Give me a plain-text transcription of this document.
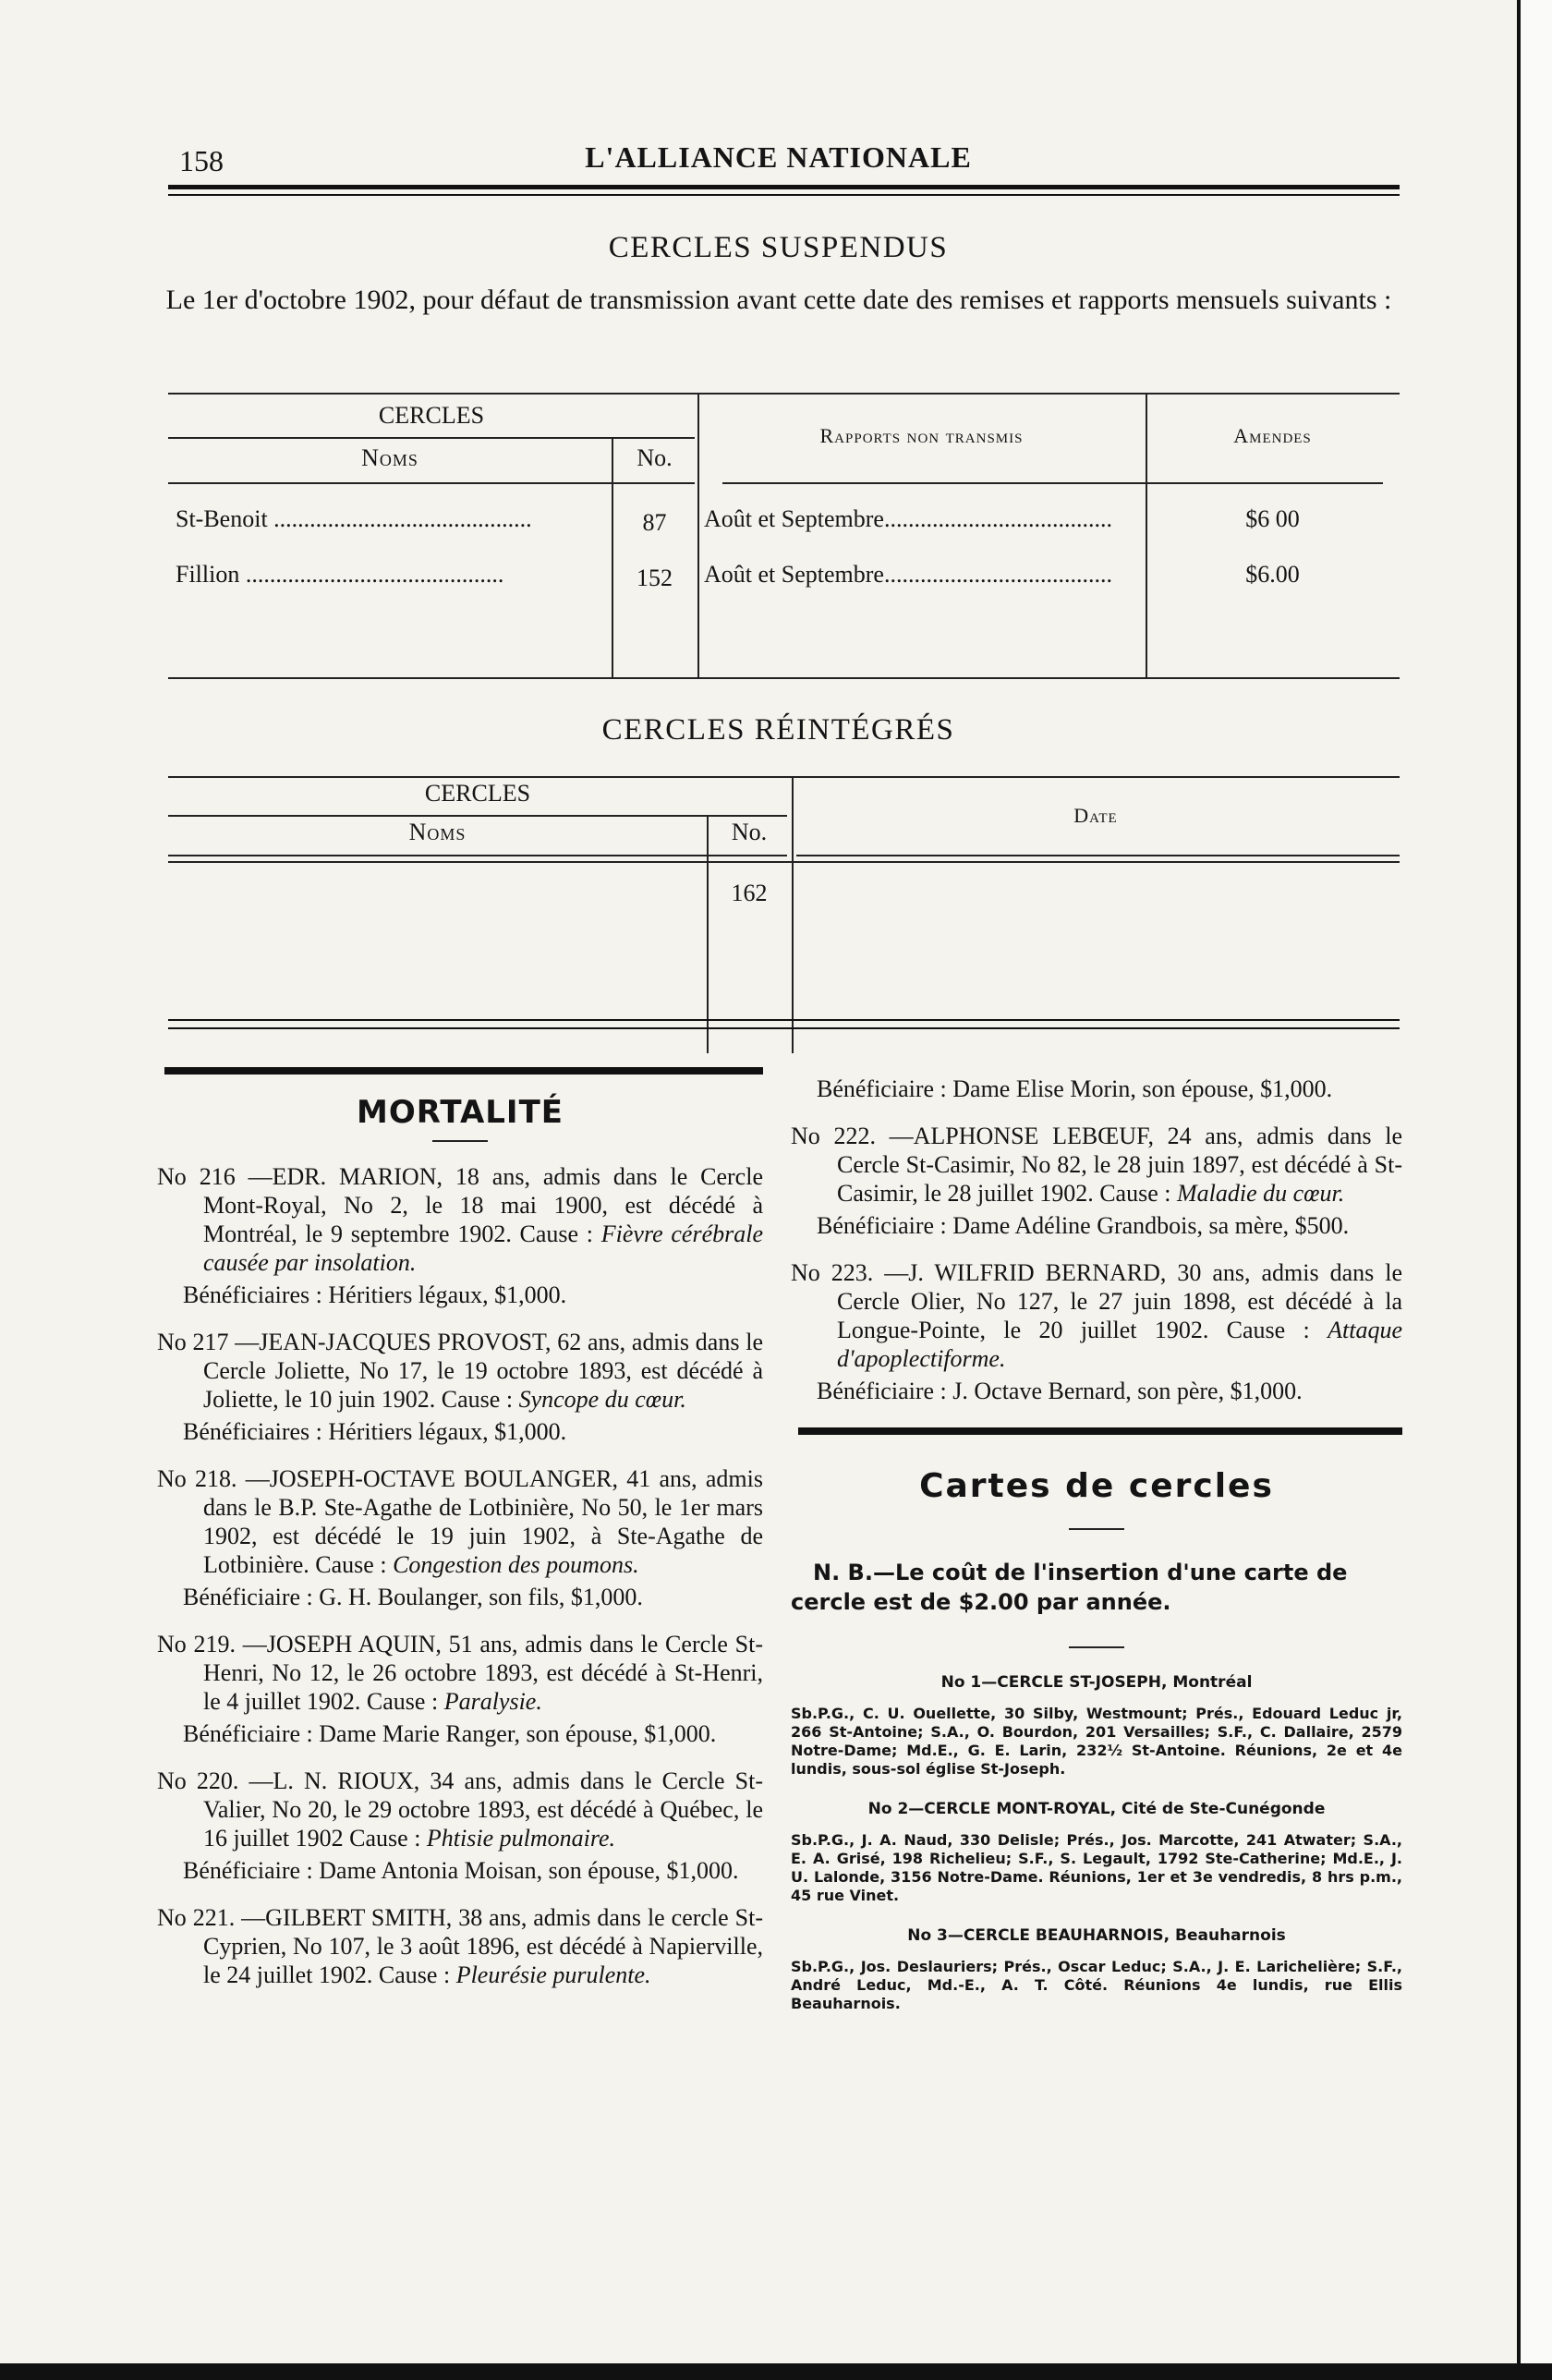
158	L'ALLIANCE NATIONALE
CERCLES SUSPENDUS
Le 1er d'octobre 1902, pour défaut de transmission avant cette date des remises et rapports mensuels suivants :
CERCLES
Noms	No.
Rapports non transmis	Amendes
St-Benoit ...........................................	87	Août et Septembre......................................	$6 00
Fillion ...........................................	152	Août et Septembre......................................	$6.00
CERCLES RÉINTÉGRÉS
CERCLES
Noms	No.
Date
162
MORTALITÉ

No 216 —EDR. MARION, 18 ans, admis dans le Cercle Mont-Royal, No 2, le 18 mai 1900, est décédé à Montréal, le 9 septembre 1902. Cause : Fièvre cérébrale causée par insolation.

Bénéficiaires : Héritiers légaux, $1,000.

No 217 —JEAN-JACQUES PROVOST, 62 ans, admis dans le Cercle Joliette, No 17, le 19 octobre 1893, est décédé à Joliette, le 10 juin 1902. Cause : Syncope du cœur.

Bénéficiaires : Héritiers légaux, $1,000.

No 218. —JOSEPH-OCTAVE BOULANGER, 41 ans, admis dans le B.P. Ste-Agathe de Lotbinière, No 50, le 1er mars 1902, est décédé le 19 juin 1902, à Ste-Agathe de Lotbinière. Cause : Congestion des poumons.

Bénéficiaire : G. H. Boulanger, son fils, $1,000.

No 219. —JOSEPH AQUIN, 51 ans, admis dans le Cercle St-Henri, No 12, le 26 octobre 1893, est décédé à St-Henri, le 4 juillet 1902. Cause : Paralysie.

Bénéficiaire : Dame Marie Ranger, son épouse, $1,000.

No 220. —L. N. RIOUX, 34 ans, admis dans le Cercle St-Valier, No 20, le 29 octobre 1893, est décédé à Québec, le 16 juillet 1902 Cause : Phtisie pulmonaire.

Bénéficiaire : Dame Antonia Moisan, son épouse, $1,000.

No 221. —GILBERT SMITH, 38 ans, admis dans le cercle St-Cyprien, No 107, le 3 août 1896, est décédé à Napierville, le 24 juillet 1902. Cause : Pleurésie purulente.

Bénéficiaire : Dame Elise Morin, son épouse, $1,000.

No 222. —ALPHONSE LEBŒUF, 24 ans, admis dans le Cercle St-Casimir, No 82, le 28 juin 1897, est décédé à St-Casimir, le 28 juillet 1902. Cause : Maladie du cœur.

Bénéficiaire : Dame Adéline Grandbois, sa mère, $500.

No 223. —J. WILFRID BERNARD, 30 ans, admis dans le Cercle Olier, No 127, le 27 juin 1898, est décédé à la Longue-Pointe, le 20 juillet 1902. Cause : Attaque d'apoplectiforme.

Bénéficiaire : J. Octave Bernard, son père, $1,000.

Cartes de cercles
N. B.—Le coût de l'insertion d'une carte de cercle est de $2.00 par année.
No 1—CERCLE ST-JOSEPH, Montréal
Sb.P.G., C. U. Ouellette, 30 Silby, Westmount; Prés., Edouard Leduc jr, 266 St-Antoine; S.A., O. Bourdon, 201 Versailles; S.F., C. Dallaire, 2579 Notre-Dame; Md.E., G. E. Larin, 232½ St-Antoine. Réunions, 2e et 4e lundis, sous-sol église St-Joseph.
No 2—CERCLE MONT-ROYAL, Cité de Ste-Cunégonde
Sb.P.G., J. A. Naud, 330 Delisle; Prés., Jos. Marcotte, 241 Atwater; S.A., E. A. Grisé, 198 Richelieu; S.F., S. Legault, 1792 Ste-Catherine; Md.E., J. U. Lalonde, 3156 Notre-Dame. Réunions, 1er et 3e vendredis, 8 hrs p.m., 45 rue Vinet.
No 3—CERCLE BEAUHARNOIS, Beauharnois
Sb.P.G., Jos. Deslauriers; Prés., Oscar Leduc; S.A., J. E. Larichelière; S.F., André Leduc, Md.-E., A. T. Côté. Réunions 4e lundis, rue Ellis Beauharnois.
